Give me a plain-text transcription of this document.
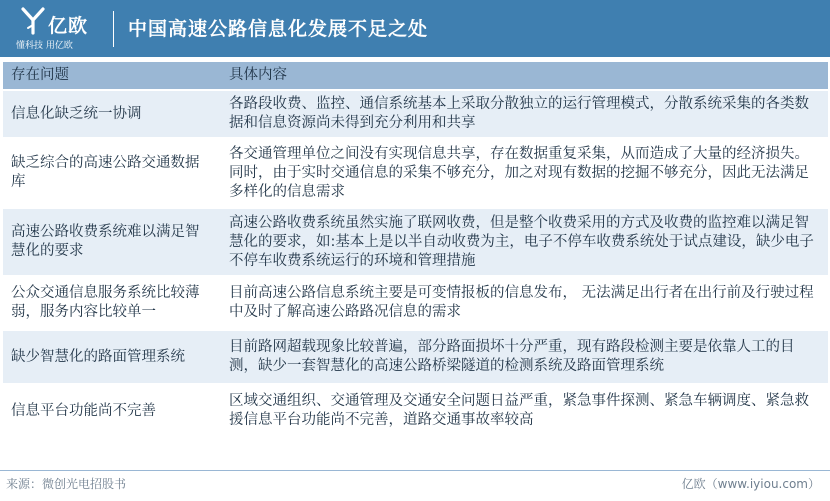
亿欧
懂科技 用亿欧
中国高速公路信息化发展不足之处
存在问题	具体内容
信息化缺乏统一协调	各路段收费、监控、通信系统基本上采取分散独立的运行管理模式，分散系统采集的各类数据和信息资源尚未得到充分利用和共享
缺乏综合的高速公路交通数据库	各交通管理单位之间没有实现信息共享，存在数据重复采集，从而造成了大量的经济损失。同时，由于实时交通信息的采集不够充分，加之对现有数据的挖掘不够充分，因此无法满足多样化的信息需求
高速公路收费系统难以满足智慧化的要求	高速公路收费系统虽然实施了联网收费，但是整个收费采用的方式及收费的监控难以满足智慧化的要求，如:基本上是以半自动收费为主，电子不停车收费系统处于试点建设，缺少电子不停车收费系统运行的环境和管理措施
公众交通信息服务系统比较薄弱，服务内容比较单一	目前高速公路信息系统主要是可变情报板的信息发布， 无法满足出行者在出行前及行驶过程中及时了解高速公路路况信息的需求
缺少智慧化的路面管理系统	目前路网超载现象比较普遍，部分路面损坏十分严重，现有路段检测主要是依靠人工的目测，缺少一套智慧化的高速公路桥梁隧道的检测系统及路面管理系统
信息平台功能尚不完善	区域交通组织、交通管理及交通安全问题日益严重，紧急事件探测、紧急车辆调度、紧急救援信息平台功能尚不完善，道路交通事故率较高
来源：微创光电招股书	亿欧（www.iyiou.com）
